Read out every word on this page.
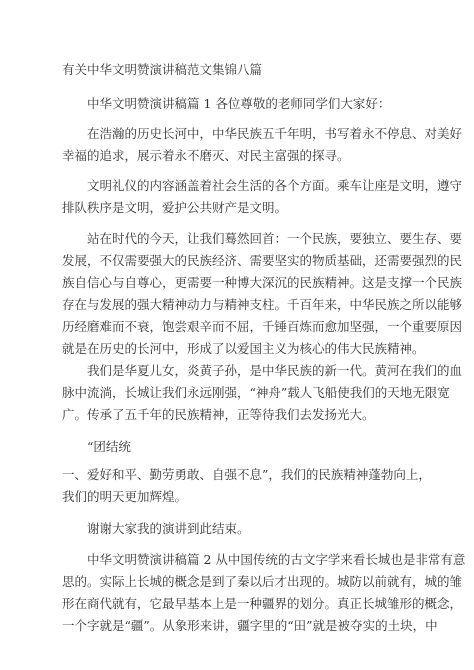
有关中华文明赞演讲稿范文集锦八篇
中华文明赞演讲稿篇 1 各位尊敬的老师同学们大家好：
在浩瀚的历史长河中，中华民族五千年明，书写着永不停息、对美好
幸福的追求，展示着永不磨灭、对民主富强的探寻。
文明礼仪的内容涵盖着社会生活的各个方面。乘车让座是文明，遵守
排队秩序是文明，爱护公共财产是文明。
站在时代的今天，让我们蓦然回首：一个民族，要独立、要生存、要
发展，不仅需要强大的民族经济、需要坚实的物质基础，还需要强烈的民
族自信心与自尊心，更需要一种博大深沉的民族精神。这是支撑一个民族
存在与发展的强大精神动力与精神支柱。千百年来，中华民族之所以能够
历经磨难而不衰，饱尝艰辛而不屈，千锤百炼而愈加坚强，一个重要原因
就是在历史的长河中，形成了以爱国主义为核心的伟大民族精神。
我们是华夏儿女，炎黄子孙，是中华民族的新一代。黄河在我们的血
脉中流淌，长城让我们永远刚强，“神舟”载人飞船使我们的天地无限宽
广。传承了五千年的民族精神，正等待我们去发扬光大。
“团结统
一、爱好和平、勤劳勇敢、自强不息”，我们的民族精神蓬勃向上，
我们的明天更加辉煌。
谢谢大家我的演讲到此结束。
中华文明赞演讲稿篇 2 从中国传统的古文字学来看长城也是非常有意
思的。实际上长城的概念是到了秦以后才出现的。城防以前就有，城的雏
形在商代就有，它最早基本上是一种疆界的划分。真正长城雏形的概念，
一个字就是“疆”。从象形来讲，疆字里的“田”就是被夺实的土块，中
